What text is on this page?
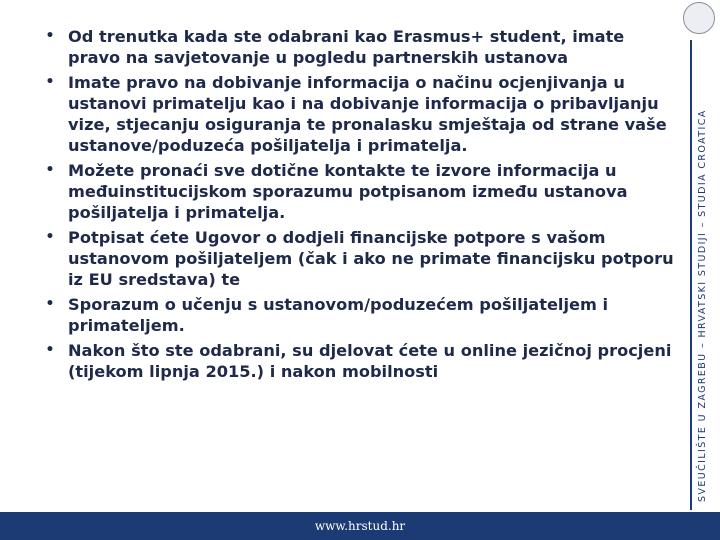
• Od trenutka kada ste odabrani kao Erasmus+ student, imate pravo na savjetovanje u pogledu partnerskih ustanova
• Imate pravo na dobivanje informacija o načinu ocjenjivanja u ustanovi primatelju kao i na dobivanje informacija o pribavljanju vize, stjecanju osiguranja te pronalasku smještaja od strane vaše ustanove/poduzeća pošiljatelja i primatelja.
• Možete pronaći sve dotične kontakte te izvore informacija u međuinstitucijskom sporazumu potpisanom između ustanova pošiljatelja i primatelja.
• Potpisat ćete Ugovor o dodjeli financijske potpore s vašom ustanovom pošiljateljem (čak i ako ne primate financijsku potporu iz EU sredstava) te
• Sporazum o učenju s ustanovom/poduzećem pošiljateljem i primateljem.
• Nakon što ste odabrani, su djelovat ćete u online jezičnoj procjeni (tijekom lipnja 2015.) i nakon mobilnosti	SVEUČILIŠTE U ZAGREBU – HRVATSKI STUDIJI – STUDIA CROATICA
www.hrstud.hr
